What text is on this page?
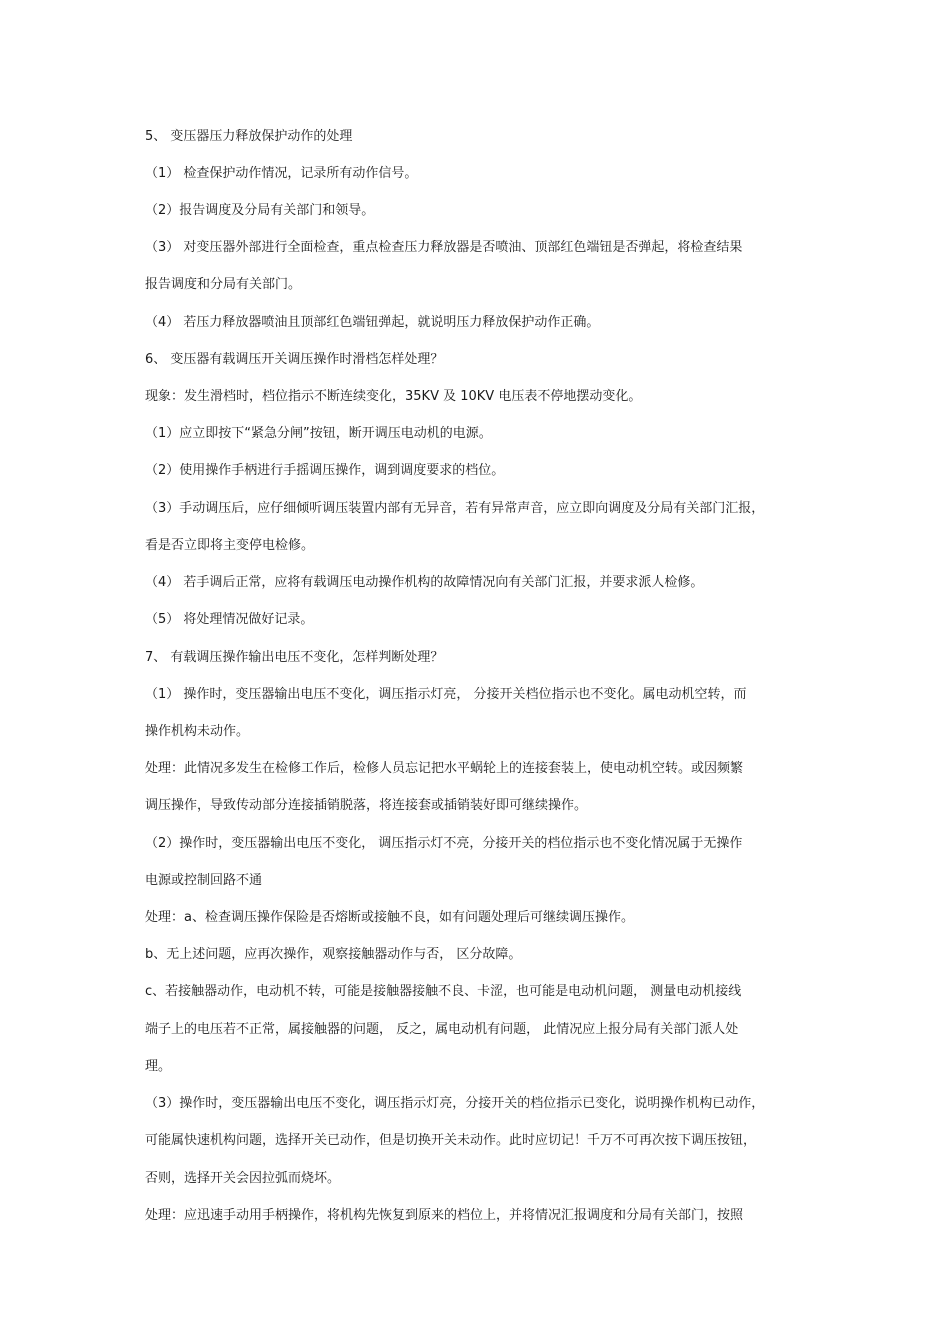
5、 变压器压力释放保护动作的处理
（1） 检查保护动作情况，记录所有动作信号。
（2）报告调度及分局有关部门和领导。
（3） 对变压器外部进行全面检查，重点检查压力释放器是否喷油、顶部红色端钮是否弹起，将检查结果
报告调度和分局有关部门。
（4） 若压力释放器喷油且顶部红色端钮弹起，就说明压力释放保护动作正确。
6、 变压器有载调压开关调压操作时滑档怎样处理？
现象：发生滑档时，档位指示不断连续变化，35KV 及 10KV 电压表不停地摆动变化。
（1）应立即按下“紧急分闸”按钮，断开调压电动机的电源。
（2）使用操作手柄进行手摇调压操作，调到调度要求的档位。
（3）手动调压后，应仔细倾听调压装置内部有无异音，若有异常声音，应立即向调度及分局有关部门汇报，
看是否立即将主变停电检修。
（4） 若手调后正常，应将有载调压电动操作机构的故障情况向有关部门汇报，并要求派人检修。
（5） 将处理情况做好记录。
7、 有载调压操作输出电压不变化，怎样判断处理？
（1） 操作时，变压器输出电压不变化，调压指示灯亮， 分接开关档位指示也不变化。属电动机空转，而
操作机构未动作。
处理：此情况多发生在检修工作后，检修人员忘记把水平蜗轮上的连接套装上，使电动机空转。或因频繁
调压操作，导致传动部分连接插销脱落，将连接套或插销装好即可继续操作。
（2）操作时，变压器输出电压不变化， 调压指示灯不亮，分接开关的档位指示也不变化情况属于无操作
电源或控制回路不通
处理：a、检查调压操作保险是否熔断或接触不良，如有问题处理后可继续调压操作。
b、无上述问题，应再次操作，观察接触器动作与否， 区分故障。
c、若接触器动作，电动机不转，可能是接触器接触不良、卡涩，也可能是电动机问题， 测量电动机接线
端子上的电压若不正常，属接触器的问题， 反之，属电动机有问题， 此情况应上报分局有关部门派人处
理。
（3）操作时，变压器输出电压不变化，调压指示灯亮，分接开关的档位指示已变化，说明操作机构已动作，
可能属快速机构问题，选择开关已动作，但是切换开关未动作。此时应切记！千万不可再次按下调压按钮，
否则，选择开关会因拉弧而烧坏。
处理：应迅速手动用手柄操作，将机构先恢复到原来的档位上，并将情况汇报调度和分局有关部门，按照
